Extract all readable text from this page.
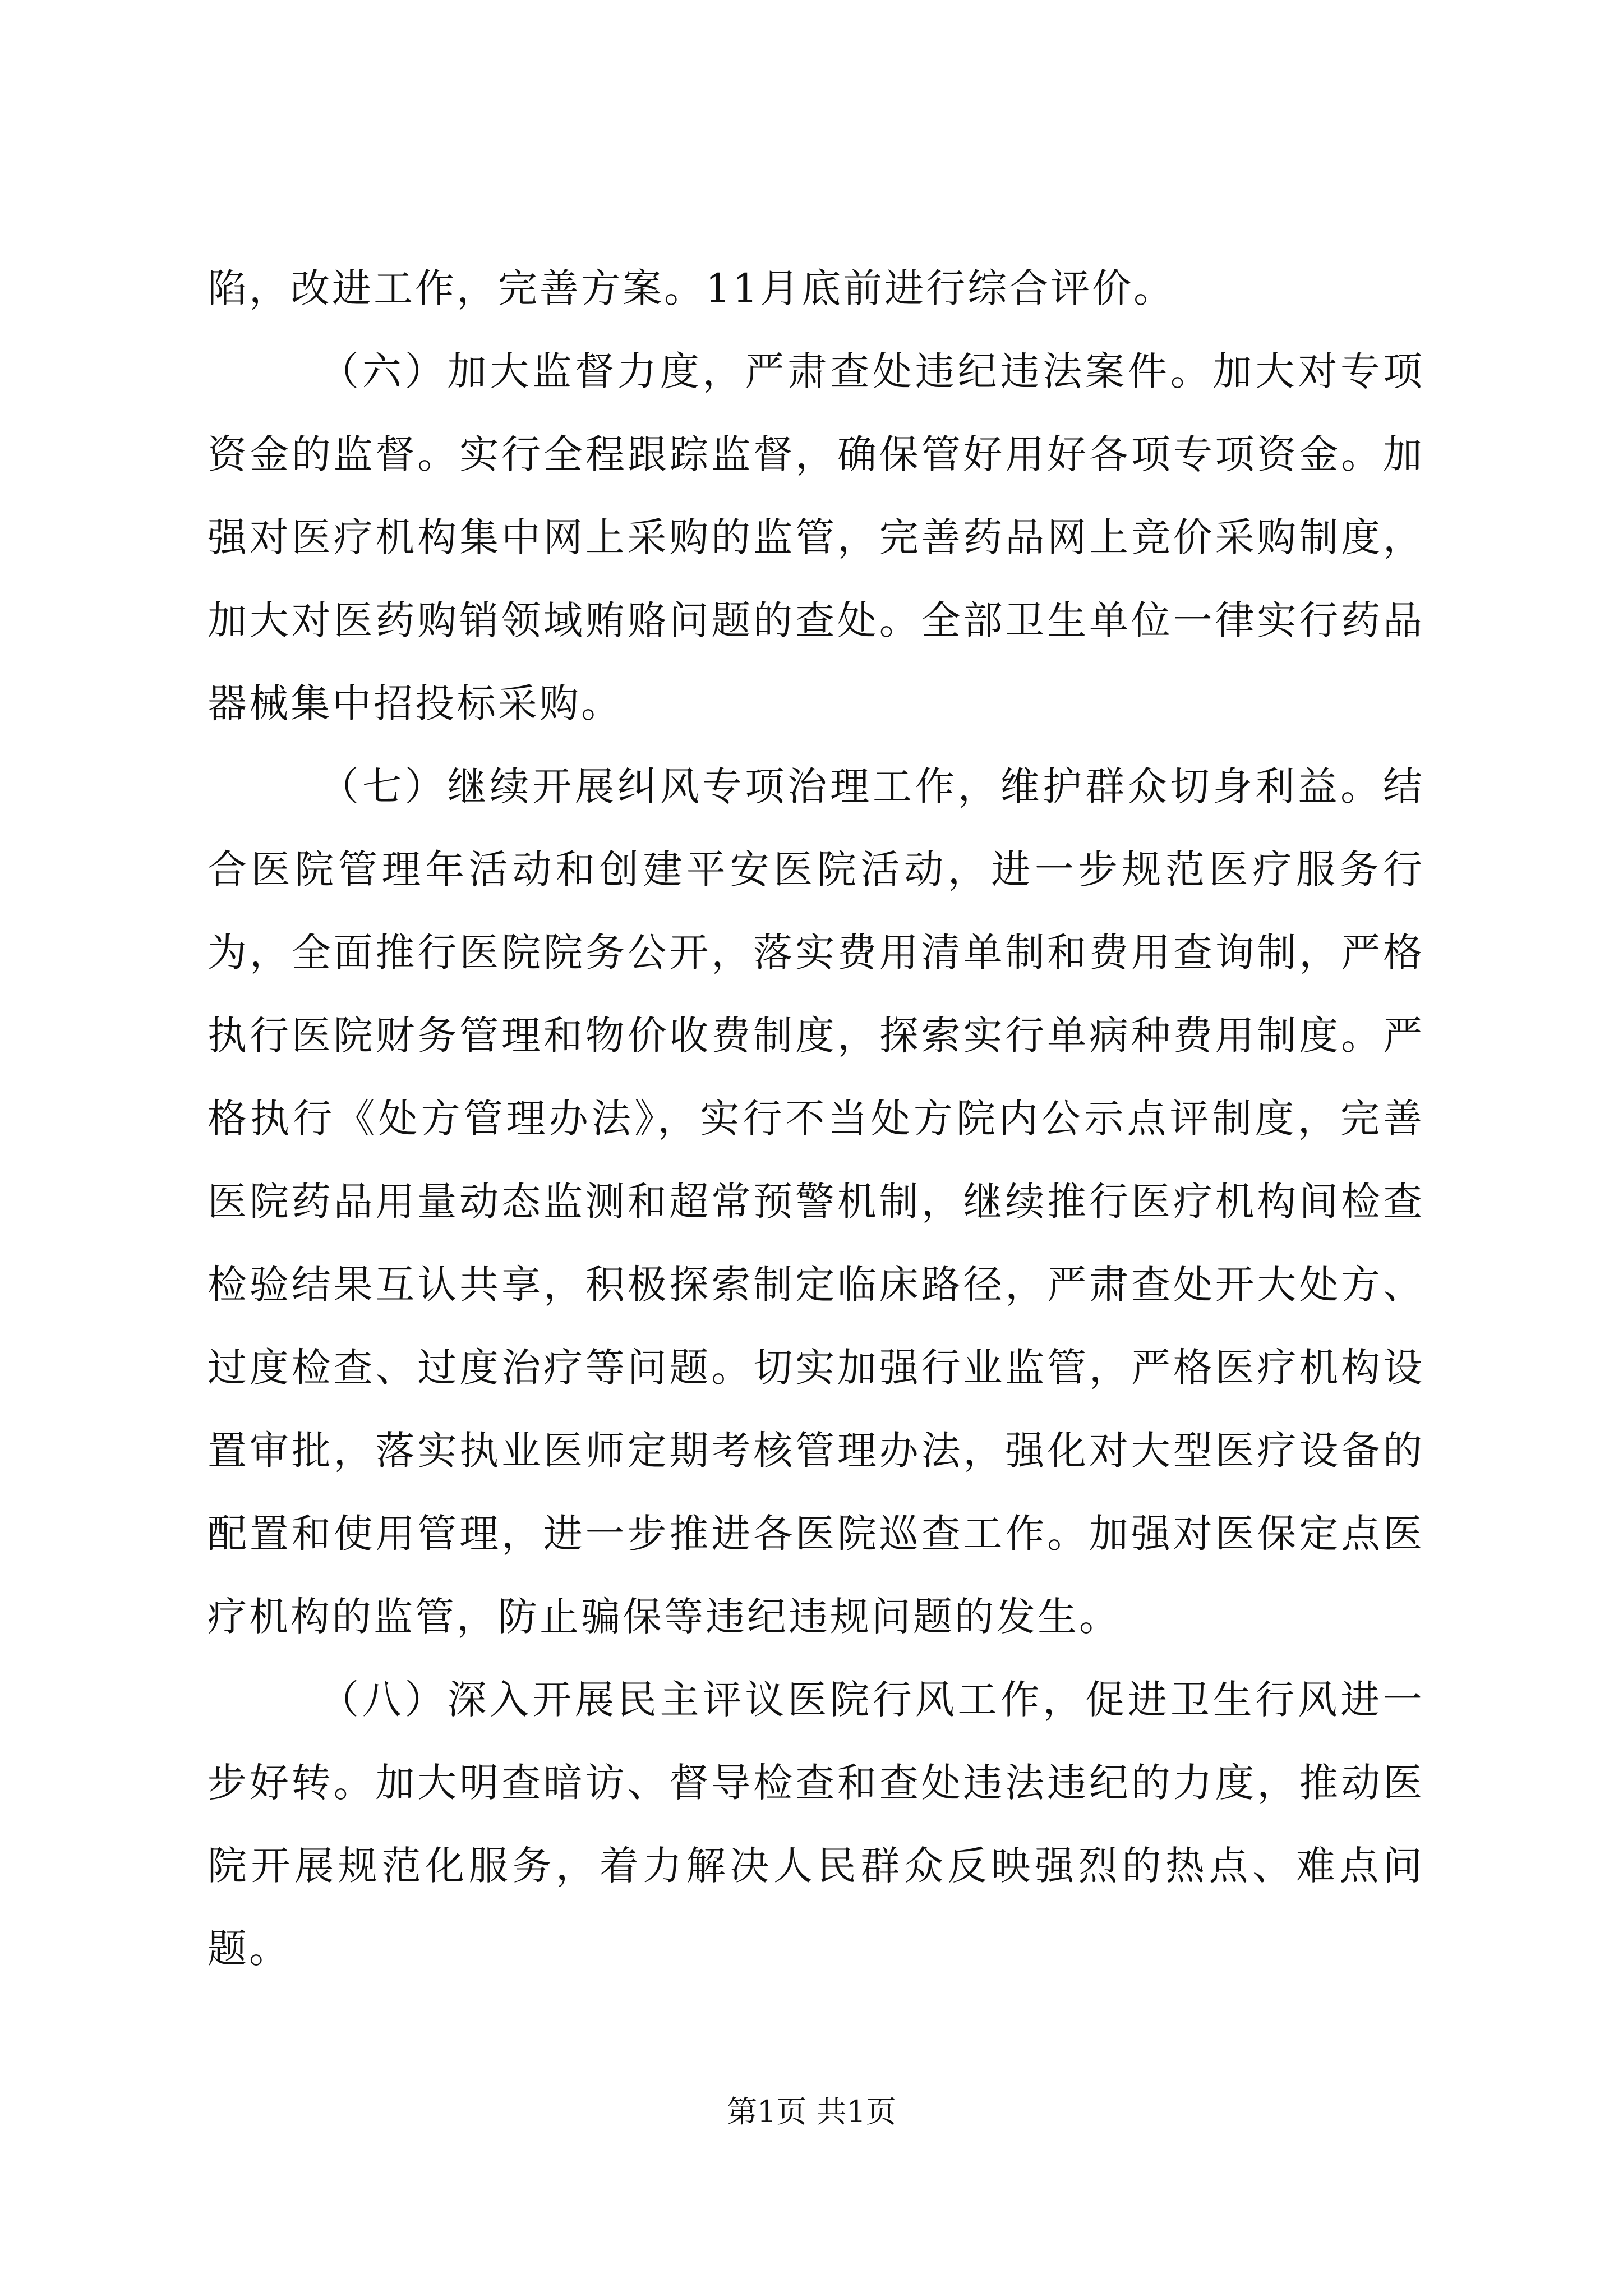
陷，改进工作，完善方案。11月底前进行综合评价。

（六）加大监督力度，严肃查处违纪违法案件。加大对专项资金的监督。实行全程跟踪监督，确保管好用好各项专项资金。加强对医疗机构集中网上采购的监管，完善药品网上竞价采购制度，加大对医药购销领域贿赂问题的查处。全部卫生单位一律实行药品器械集中招投标采购。

（七）继续开展纠风专项治理工作，维护群众切身利益。结合医院管理年活动和创建平安医院活动，进一步规范医疗服务行为，全面推行医院院务公开，落实费用清单制和费用查询制，严格执行医院财务管理和物价收费制度，探索实行单病种费用制度。严格执行《处方管理办法》，实行不当处方院内公示点评制度，完善医院药品用量动态监测和超常预警机制，继续推行医疗机构间检查检验结果互认共享，积极探索制定临床路径，严肃查处开大处方、过度检查、过度治疗等问题。切实加强行业监管，严格医疗机构设置审批，落实执业医师定期考核管理办法，强化对大型医疗设备的配置和使用管理，进一步推进各医院巡查工作。加强对医保定点医疗机构的监管，防止骗保等违纪违规问题的发生。

（八）深入开展民主评议医院行风工作，促进卫生行风进一步好转。加大明查暗访、督导检查和查处违法违纪的力度，推动医院开展规范化服务，着力解决人民群众反映强烈的热点、难点问题。

第1页 共1页
